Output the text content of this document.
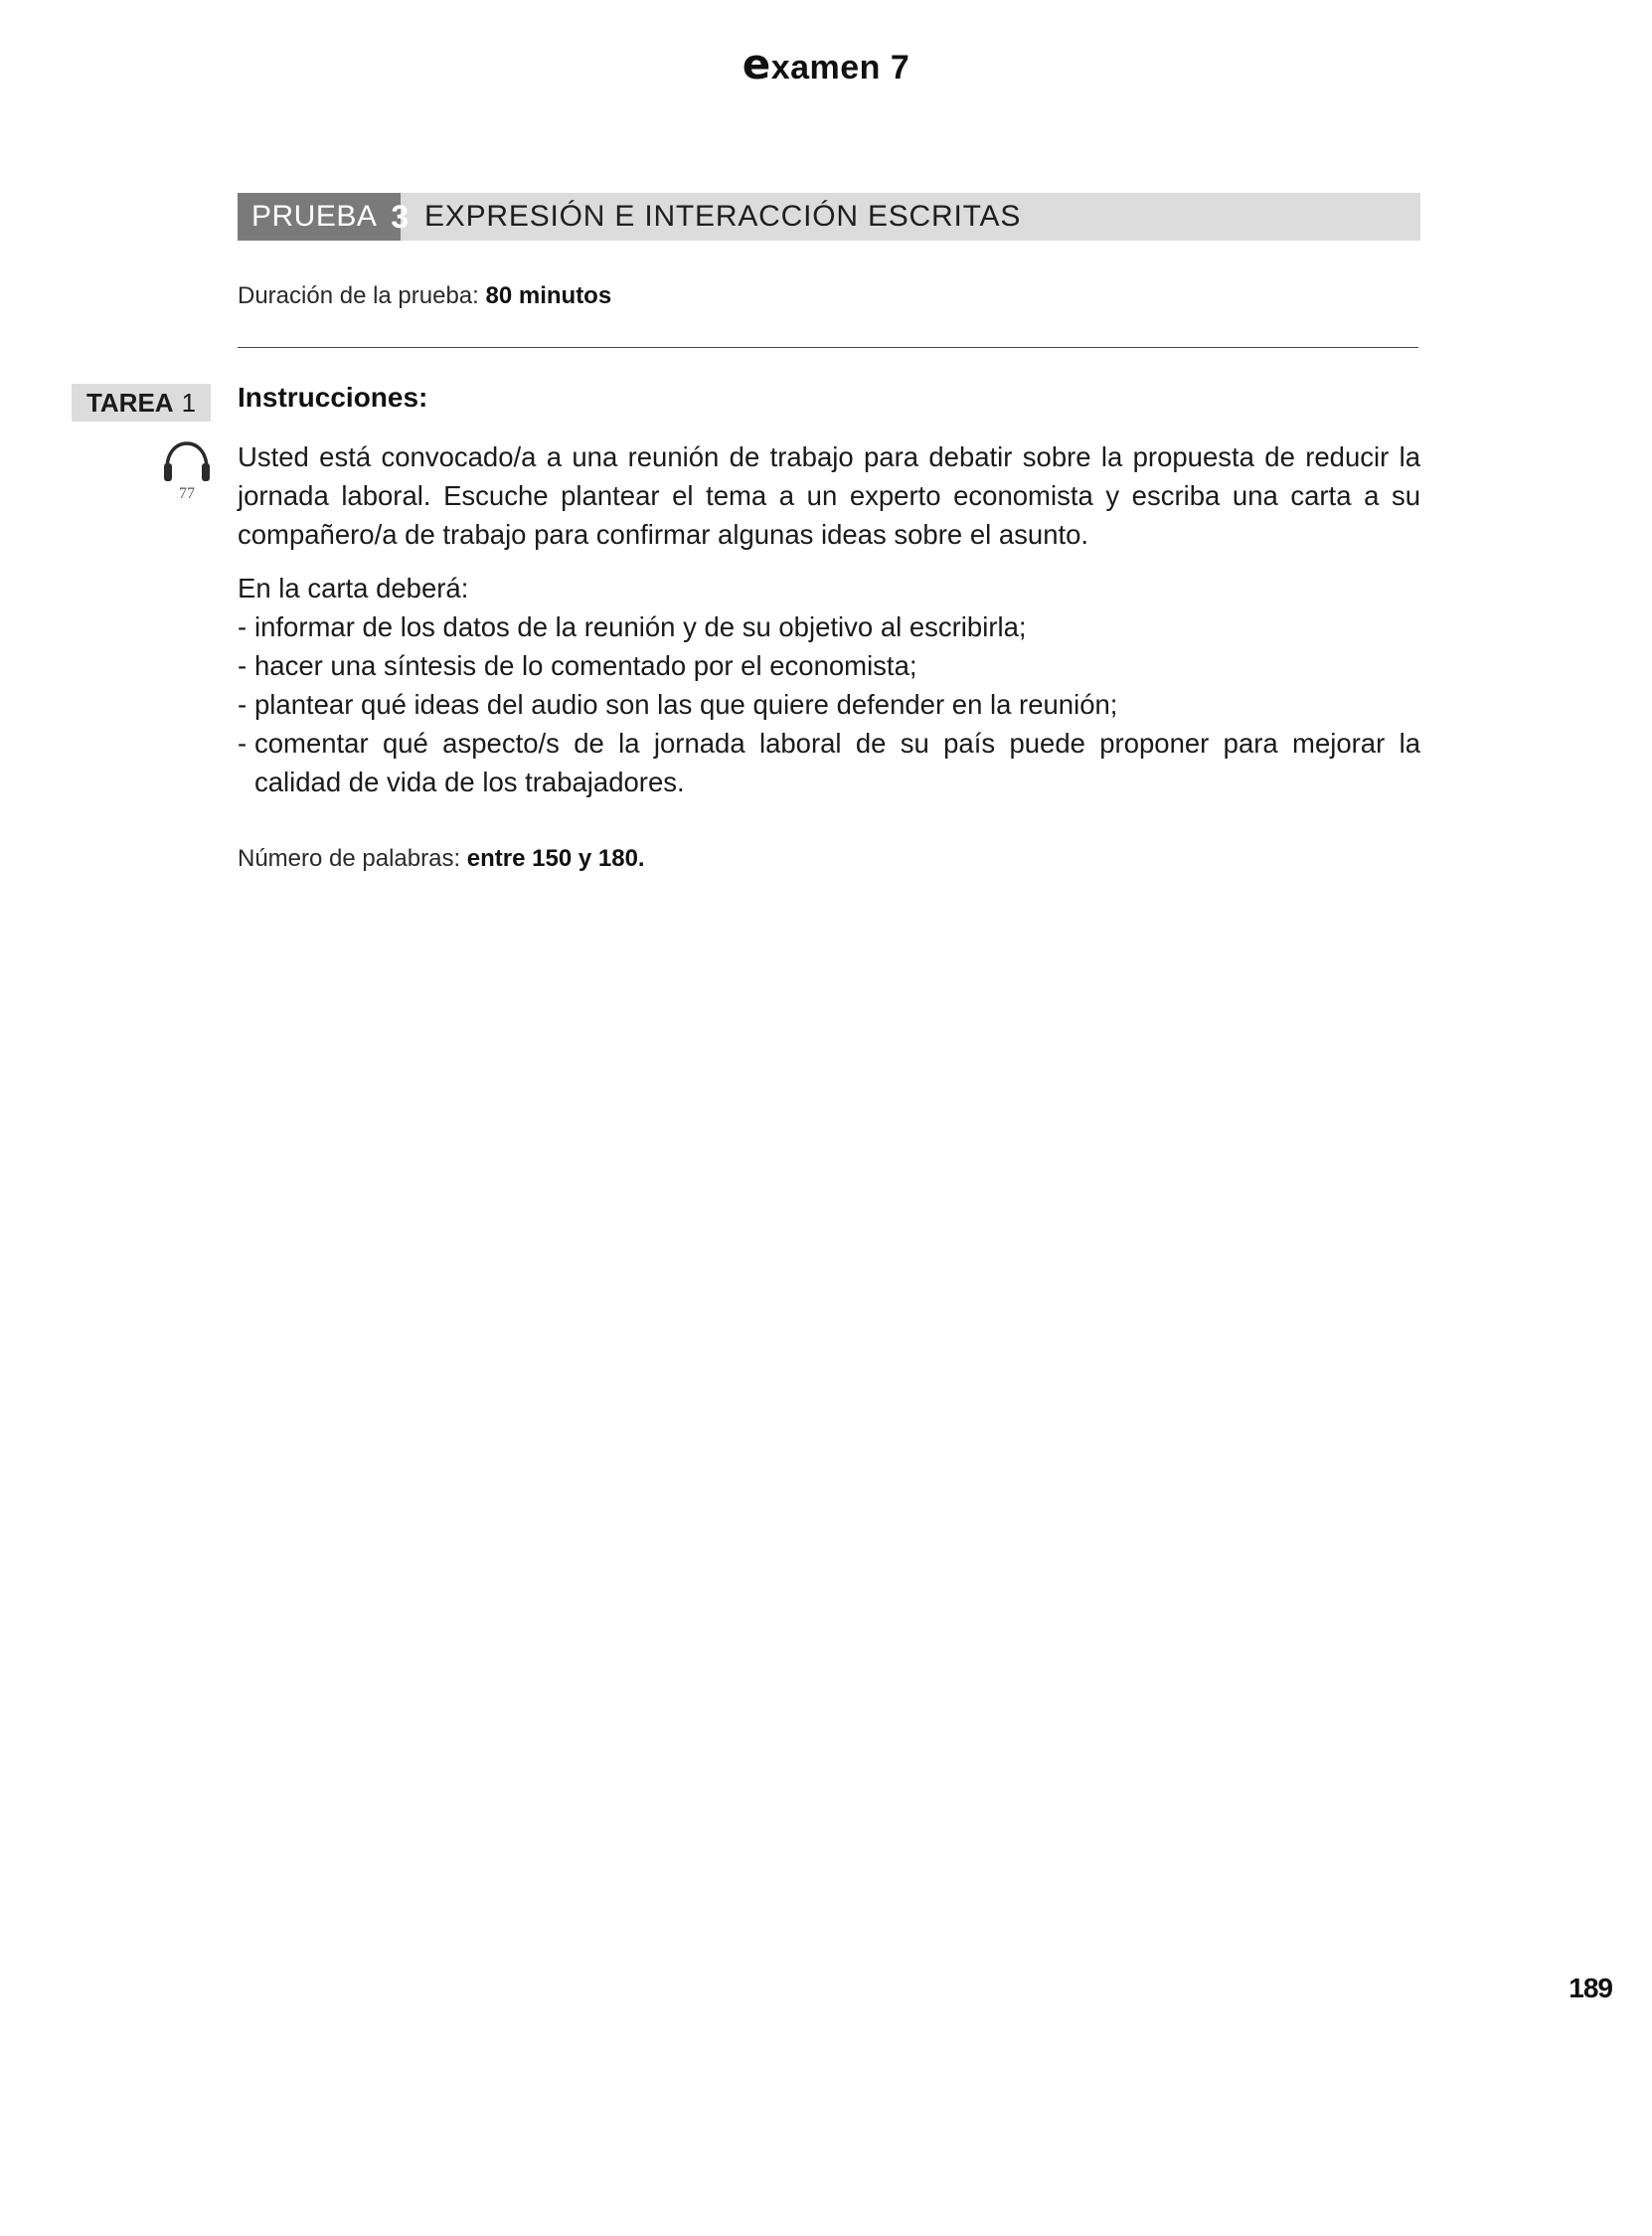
examen 7
PRUEBA 3 EXPRESIÓN E INTERACCIÓN ESCRITAS
Duración de la prueba: 80 minutos
TAREA 1 Instrucciones:
77
Usted está convocado/a a una reunión de trabajo para debatir sobre la propuesta de reducir la jornada laboral. Escuche plantear el tema a un experto economista y escriba una carta a su compañero/a de trabajo para confirmar algunas ideas sobre el asunto.
En la carta deberá:
- informar de los datos de la reunión y de su objetivo al escribirla;
- hacer una síntesis de lo comentado por el economista;
- plantear qué ideas del audio son las que quiere defender en la reunión;
- comentar qué aspecto/s de la jornada laboral de su país puede proponer para mejorar la calidad de vida de los trabajadores.
Número de palabras: entre 150 y 180.
189
